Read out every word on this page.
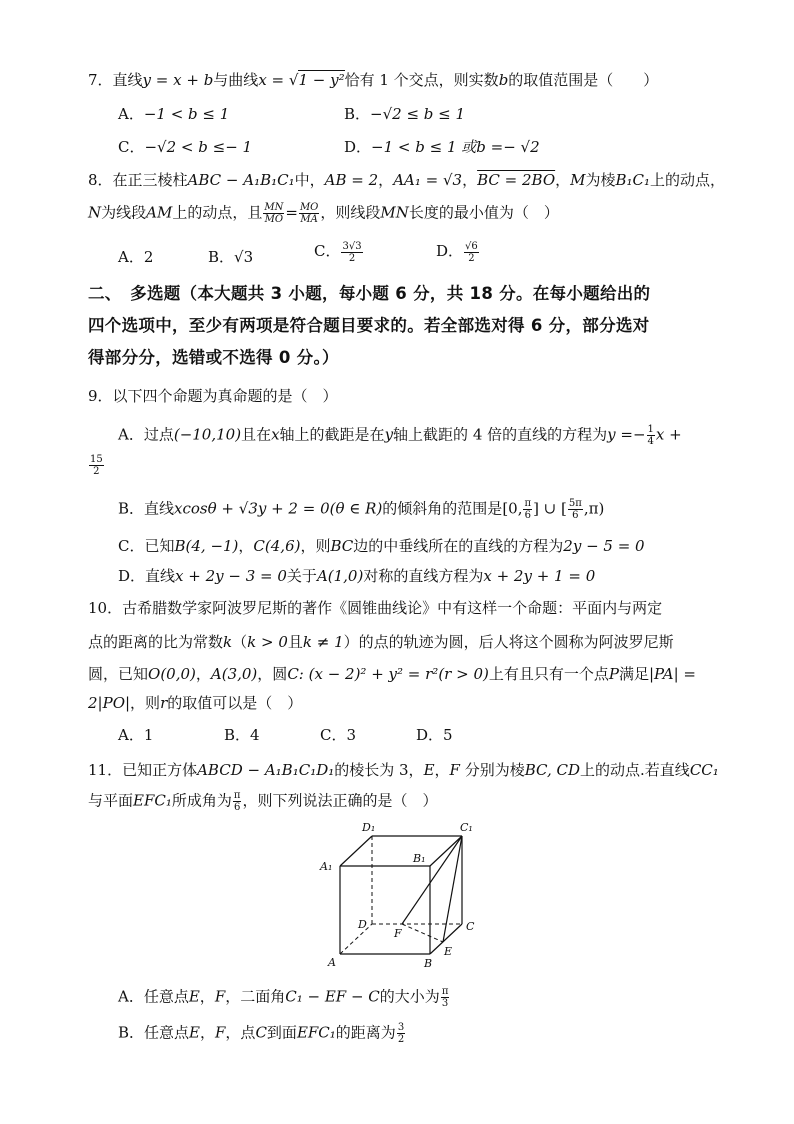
7．直线y = x + b与曲线x = √1 − y²恰有 1 个交点，则实数b的取值范围是（　　）
A．−1 < b ≤ 1	B．−√2 ≤ b ≤ 1
C．−√2 < b ≤− 1	D．−1 < b ≤ 1 或b =− √2
8．在正三棱柱ABC − A₁B₁C₁中，AB = 2，AA₁ = √3，BC = 2BO，M为棱B₁C₁上的动点，
N为线段AM上的动点，且 $\frac{MN}{MO} = \frac{MO}{MA}$ ，则线段MN长度的最小值为（　）
A．2	B．√3	C． $\frac{3√3}{2}$	D． $\frac{√6}{2}$
二、　多选题（本大题共 3 小题，每小题 6 分，共 18 分。在每小题给出的
四个选项中，至少有两项是符合题目要求的。若全部选对得 6 分，部分选对
得部分分，选错或不选得 0 分。）
9．以下四个命题为真命题的是（　）
A．过点(−10,10)且在x轴上的截距是在y轴上截距的 4 倍的直线的方程为$y =- \frac{1}{4}$ x +
$\frac{15}{2}$
B．直线xcosθ + √3y + 2 = 0(θ ∈ R)的倾斜角的范围是[0, $\frac{\pi}{6}$ ] ∪ [ $\frac{5\pi}{6} ,\pi$)
C．已知B(4, −1)，C(4,6)，则BC边的中垂线所在的直线的方程为2y − 5 = 0
D．直线x + 2y − 3 = 0关于A(1,0)对称的直线方程为x + 2y + 1 = 0
10．古希腊数学家阿波罗尼斯的著作《圆锥曲线论》中有这样一个命题：平面内与两定
点的距离的比为常数k（k > 0且k ≠ 1）的点的轨迹为圆，后人将这个圆称为阿波罗尼斯
圆，已知O(0,0)，A(3,0)，圆C: (x − 2)² + y² = r²(r > 0)上有且只有一个点P满足|PA| =
2|PO|，则r的取值可以是（　）
A．1	B．4	C．3	D．5
11．已知正方体ABCD − A₁B₁C₁D₁的棱长为 3，E，F 分别为棱BC, CD上的动点.若直线CC₁
与平面EFC₁所成角为 $\frac{\pi}{6}$ ，则下列说法正确的是（　）
D₁	C₁
A₁
B₁
D
F
C
A	B
E
A．任意点E，F，二面角C₁ − EF − C的大小为 $\frac{\pi}{3}$
B．任意点E，F，点C到面EFC₁的距离为 $\frac{3}{2}$
